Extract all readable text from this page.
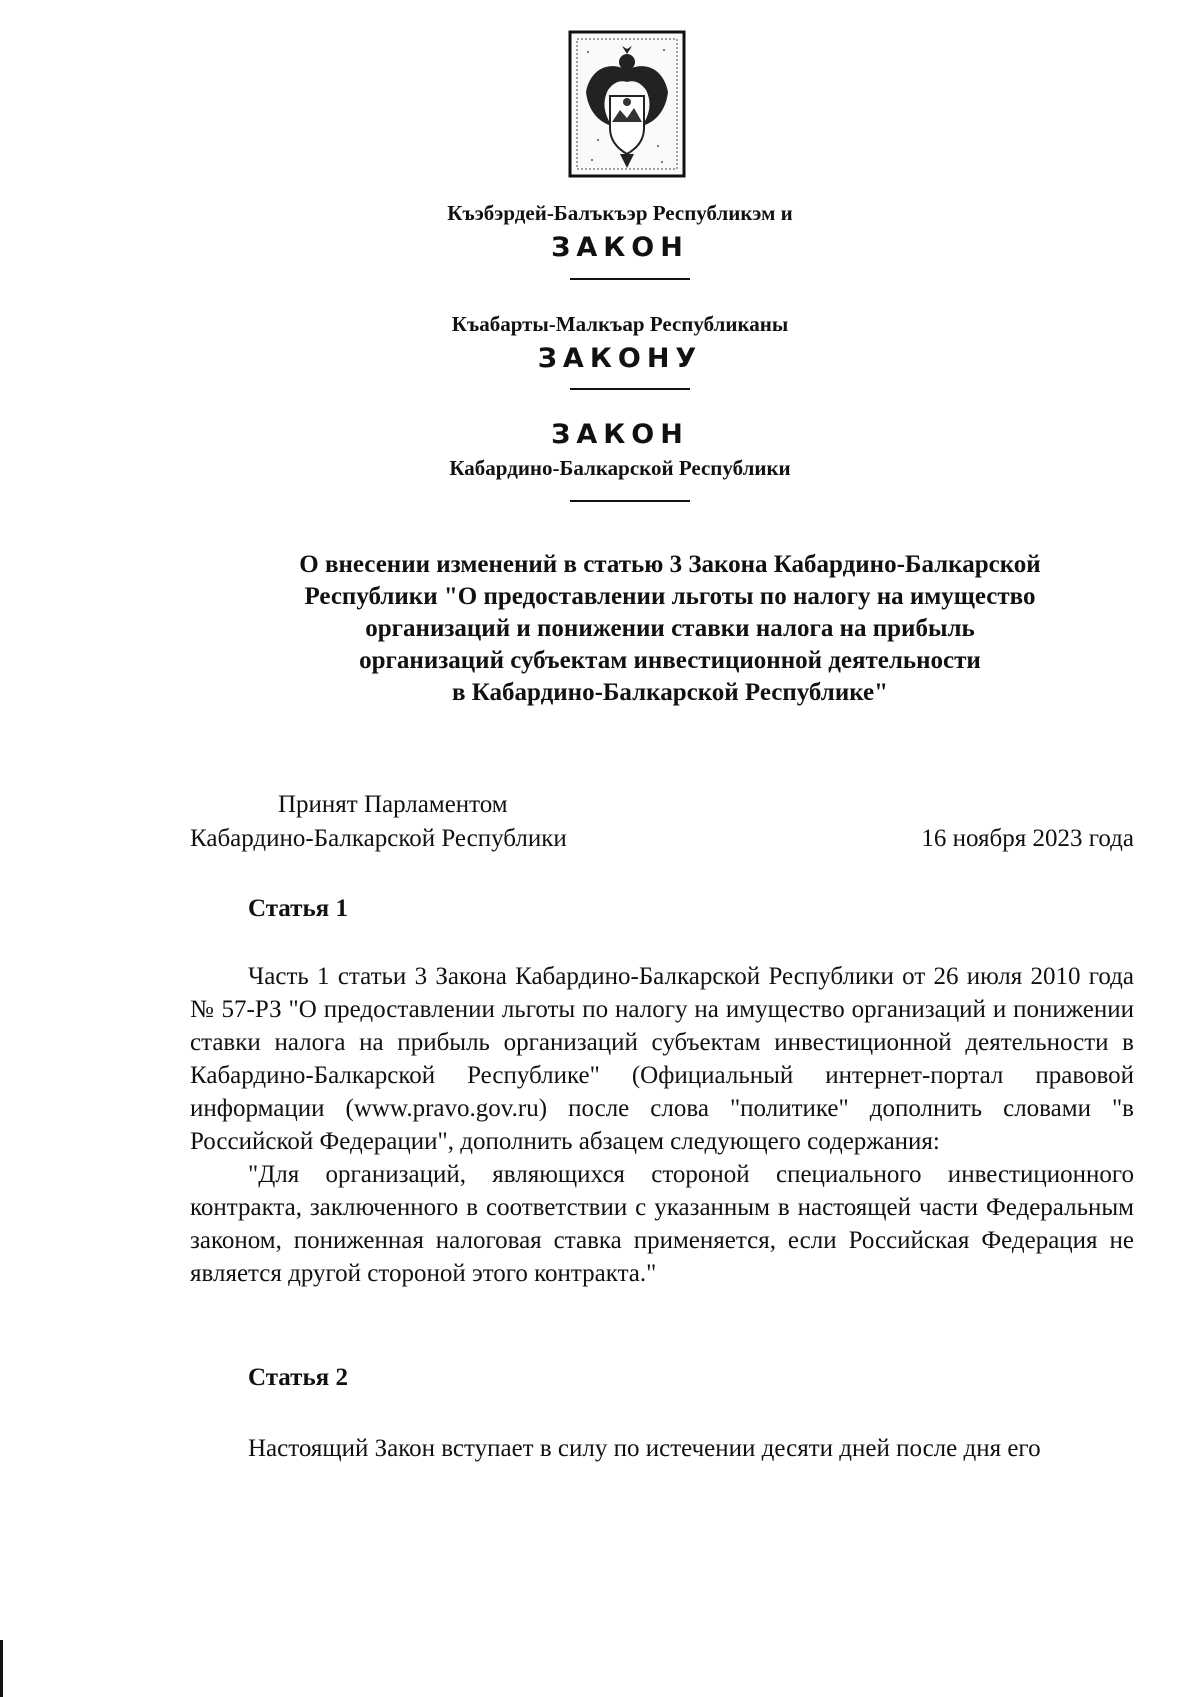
Къэбэрдей-Балъкъэр Республикэм и
ЗАКОН
Къабарты-Малкъар Республиканы
ЗАКОНУ
ЗАКОН
Кабардино-Балкарской Республики
О внесении изменений в статью 3 Закона Кабардино-Балкарской
Республики "О предоставлении льготы по налогу на имущество
организаций и понижении ставки налога на прибыль
организаций субъектам инвестиционной деятельности
в Кабардино-Балкарской Республике"
Принят Парламентом
Кабардино-Балкарской Республики	16 ноября 2023 года
Статья 1

Часть 1 статьи 3 Закона Кабардино-Балкарской Республики от 26 июля 2010 года № 57-РЗ "О предоставлении льготы по налогу на имущество организаций и понижении ставки налога на прибыль организаций субъектам инвестиционной деятельности в Кабардино-Балкарской Республике" (Официальный интернет-портал правовой информации (www.pravo.gov.ru) после слова "политике" дополнить словами "в Российской Федерации", дополнить абзацем следующего содержания:

"Для организаций, являющихся стороной специального инвестиционного контракта, заключенного в соответствии с указанным в настоящей части Федеральным законом, пониженная налоговая ставка применяется, если Российская Федерация не является другой стороной этого контракта."

Статья 2

Настоящий Закон вступает в силу по истечении десяти дней после дня его
